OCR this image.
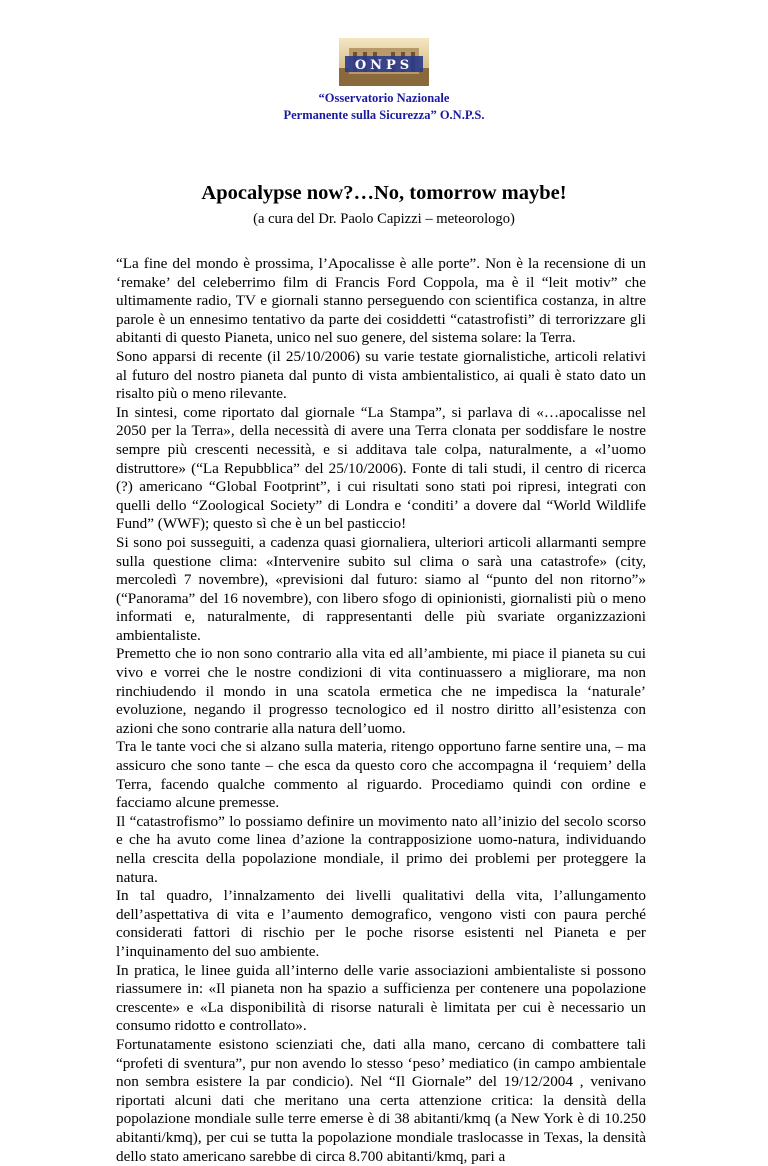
ONPS
“Osservatorio Nazionale
Permanente sulla Sicurezza” O.N.P.S.
Apocalypse now?…No, tomorrow maybe!
(a cura del Dr. Paolo Capizzi – meteorologo)

“La fine del mondo è prossima, l’Apocalisse è alle porte”. Non è la recensione di un ‘remake’ del celeberrimo film di Francis Ford Coppola, ma è il “leit motiv” che ultimamente radio, TV e giornali stanno perseguendo con scientifica costanza, in altre parole è un ennesimo tentativo da parte dei cosiddetti “catastrofisti” di terrorizzare gli abitanti di questo Pianeta, unico nel suo genere, del sistema solare: la Terra.

Sono apparsi di recente (il 25/10/2006) su varie testate giornalistiche, articoli relativi al futuro del nostro pianeta dal punto di vista ambientalistico, ai quali è stato dato un risalto più o meno rilevante.

In sintesi, come riportato dal giornale “La Stampa”, si parlava di «…apocalisse nel 2050 per la Terra», della necessità di avere una Terra clonata per soddisfare le nostre sempre più crescenti necessità, e si additava tale colpa, naturalmente, a «l’uomo distruttore» (“La Repubblica” del 25/10/2006). Fonte di tali studi, il centro di ricerca (?) americano “Global Footprint”, i cui risultati sono stati poi ripresi, integrati con quelli dello “Zoological Society” di Londra e ‘conditi’ a dovere dal “World Wildlife Fund” (WWF); questo sì che è un bel pasticcio!

Si sono poi susseguiti, a cadenza quasi giornaliera, ulteriori articoli allarmanti sempre sulla questione clima: «Intervenire subito sul clima o sarà una catastrofe» (city, mercoledì 7 novembre), «previsioni dal futuro: siamo al “punto del non ritorno”» (“Panorama” del 16 novembre), con libero sfogo di opinionisti, giornalisti più o meno informati e, naturalmente, di rappresentanti delle più svariate organizzazioni ambientaliste.

Premetto che io non sono contrario alla vita ed all’ambiente, mi piace il pianeta su cui vivo e vorrei che le nostre condizioni di vita continuassero a migliorare, ma non rinchiudendo il mondo in una scatola ermetica che ne impedisca la ‘naturale’ evoluzione, negando il progresso tecnologico ed il nostro diritto all’esistenza con azioni che sono contrarie alla natura dell’uomo.

Tra le tante voci che si alzano sulla materia, ritengo opportuno farne sentire una, – ma assicuro che sono tante – che esca da questo coro che accompagna il ‘requiem’ della Terra, facendo qualche commento al riguardo. Procediamo quindi con ordine e facciamo alcune premesse.

Il “catastrofismo” lo possiamo definire un movimento nato all’inizio del secolo scorso e che ha avuto come linea d’azione la contrapposizione uomo-natura, individuando nella crescita della popolazione mondiale, il primo dei problemi per proteggere la natura.

In tal quadro, l’innalzamento dei livelli qualitativi della vita, l’allungamento dell’aspettativa di vita e l’aumento demografico, vengono visti con paura perché considerati fattori di rischio per le poche risorse esistenti nel Pianeta e per l’inquinamento del suo ambiente.

In pratica, le linee guida all’interno delle varie associazioni ambientaliste si possono riassumere in: «Il pianeta non ha spazio a sufficienza per contenere una popolazione crescente» e «La disponibilità di risorse naturali è limitata per cui è necessario un consumo ridotto e controllato».

Fortunatamente esistono scienziati che, dati alla mano, cercano di combattere tali “profeti di sventura”, pur non avendo lo stesso ‘peso’ mediatico (in campo ambientale non sembra esistere la par condicio). Nel “Il Giornale” del 19/12/2004 , venivano riportati alcuni dati che meritano una certa attenzione critica: la densità della popolazione mondiale sulle terre emerse è di 38 abitanti/kmq (a New York è di 10.250 abitanti/kmq), per cui se tutta la popolazione mondiale traslocasse in Texas, la densità dello stato americano sarebbe di circa 8.700 abitanti/kmq, pari a
